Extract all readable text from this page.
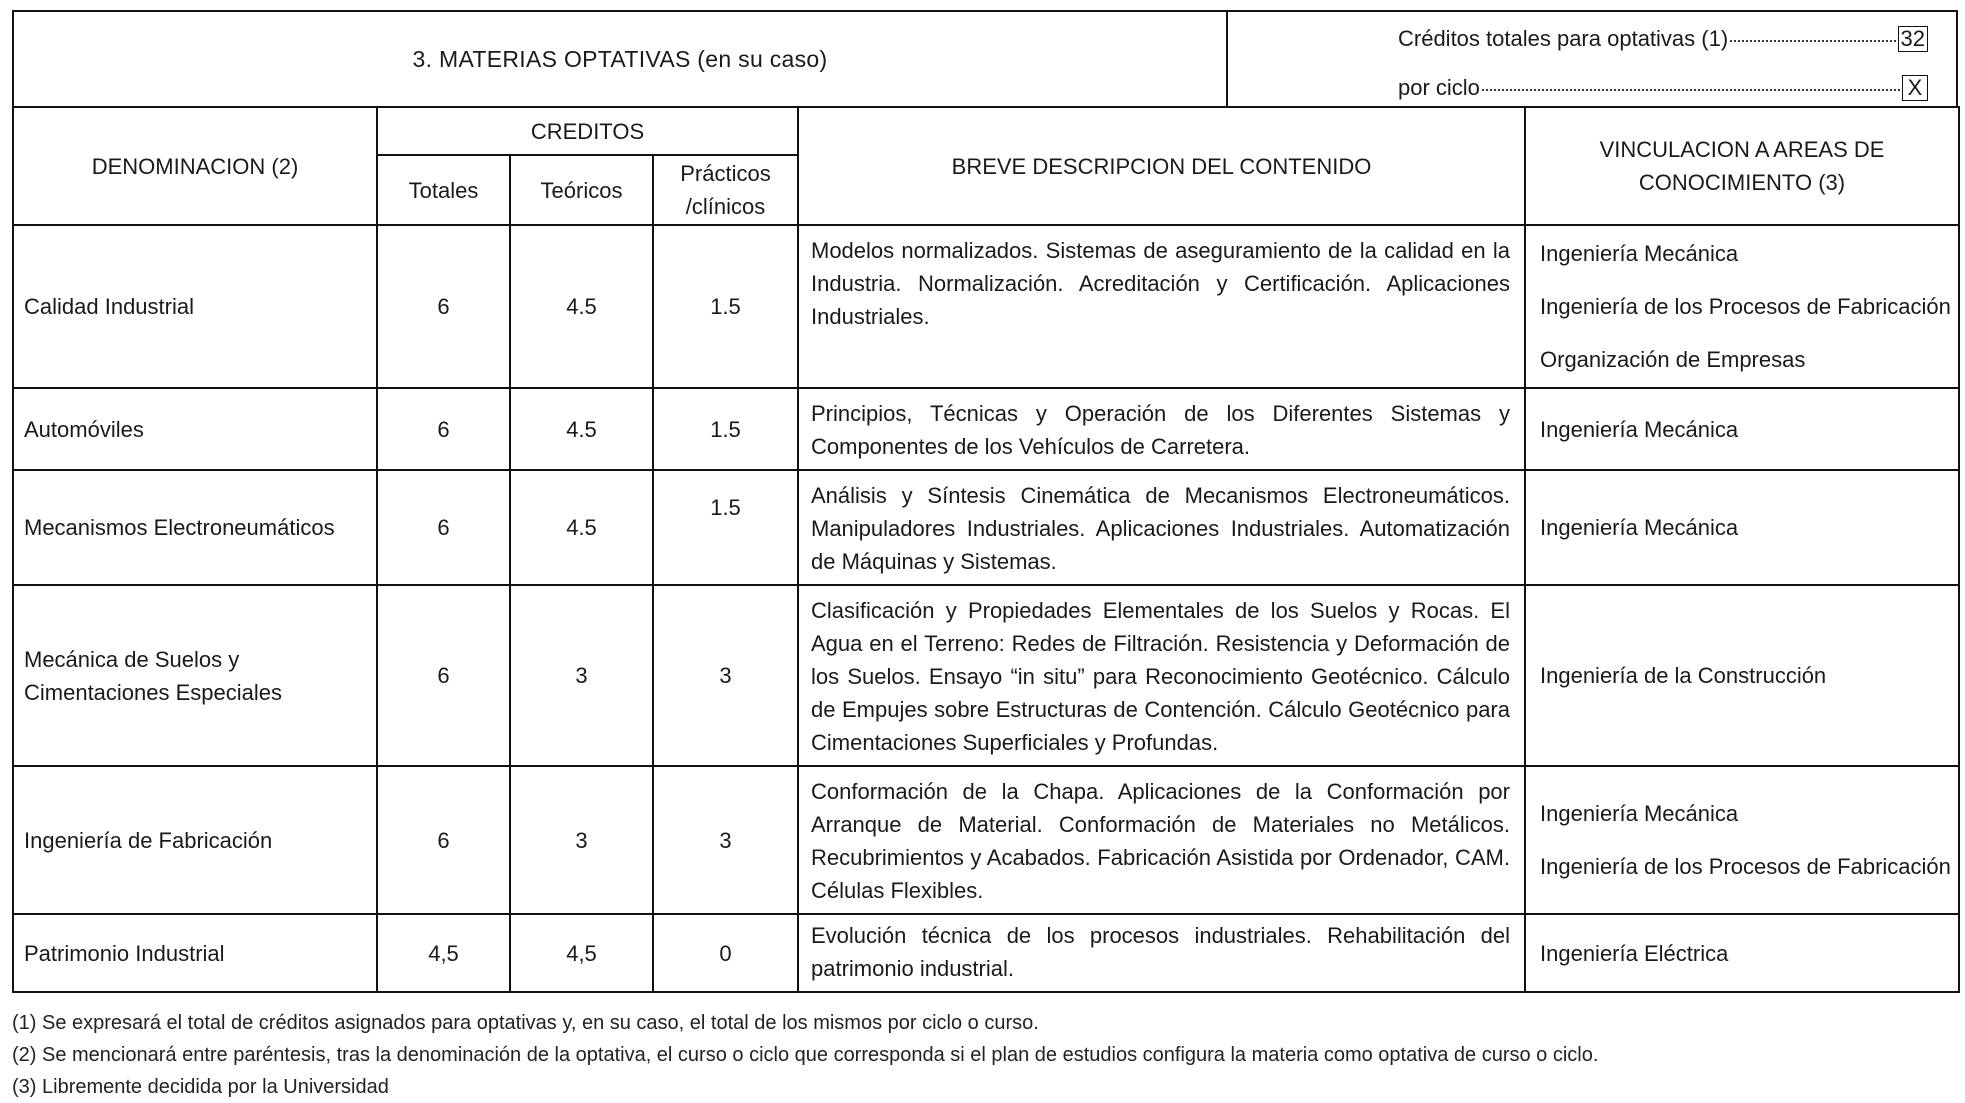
3. MATERIAS OPTATIVAS (en su caso)
Créditos totales para optativas (1)	32
por ciclo	X
DENOMINACION (2)	CREDITOS			BREVE DESCRIPCION DEL CONTENIDO	VINCULACION A AREAS DE CONOCIMIENTO (3)
	Totales	Teóricos	Prácticos /clínicos		
Calidad Industrial	6	4.5	1.5	Modelos normalizados. Sistemas de aseguramiento de la calidad en la Industria. Normalización. Acreditación y Certificación. Aplicaciones Industriales.	Ingeniería Mecánica
Ingeniería de los Procesos de Fabricación
Organización de Empresas

Automóviles	6	4.5	1.5	Principios, Técnicas y Operación de los Diferentes Sistemas y Componentes de los Vehículos de Carretera.	Ingeniería Mecánica

Mecanismos Electroneumáticos	6	4.5	1.5	Análisis y Síntesis Cinemática de Mecanismos Electroneumáticos. Manipuladores Industriales. Aplicaciones Industriales. Automatización de Máquinas y Sistemas.	Ingeniería Mecánica

Mecánica de Suelos y Cimentaciones Especiales	6	3	3	Clasificación y Propiedades Elementales de los Suelos y Rocas. El Agua en el Terreno: Redes de Filtración. Resistencia y Deformación de los Suelos. Ensayo “in situ” para Reconocimiento Geotécnico. Cálculo de Empujes sobre Estructuras de Contención. Cálculo Geotécnico para Cimentaciones Superficiales y Profundas.	Ingeniería de la Construcción

Ingeniería de Fabricación	6	3	3	Conformación de la Chapa. Aplicaciones de la Conformación por Arranque de Material. Conformación de Materiales no Metálicos. Recubrimientos y Acabados. Fabricación Asistida por Ordenador, CAM. Células Flexibles.	Ingeniería Mecánica
Ingeniería de los Procesos de Fabricación

Patrimonio Industrial	4,5	4,5	0	Evolución técnica de los procesos industriales. Rehabilitación del patrimonio industrial.	Ingeniería Eléctrica
(1) Se expresará el total de créditos asignados para optativas y, en su caso, el total de los mismos por ciclo o curso.
(2) Se mencionará entre paréntesis, tras la denominación de la optativa, el curso o ciclo que corresponda si el plan de estudios configura la materia como optativa de curso o ciclo.
(3) Libremente decidida por la Universidad
